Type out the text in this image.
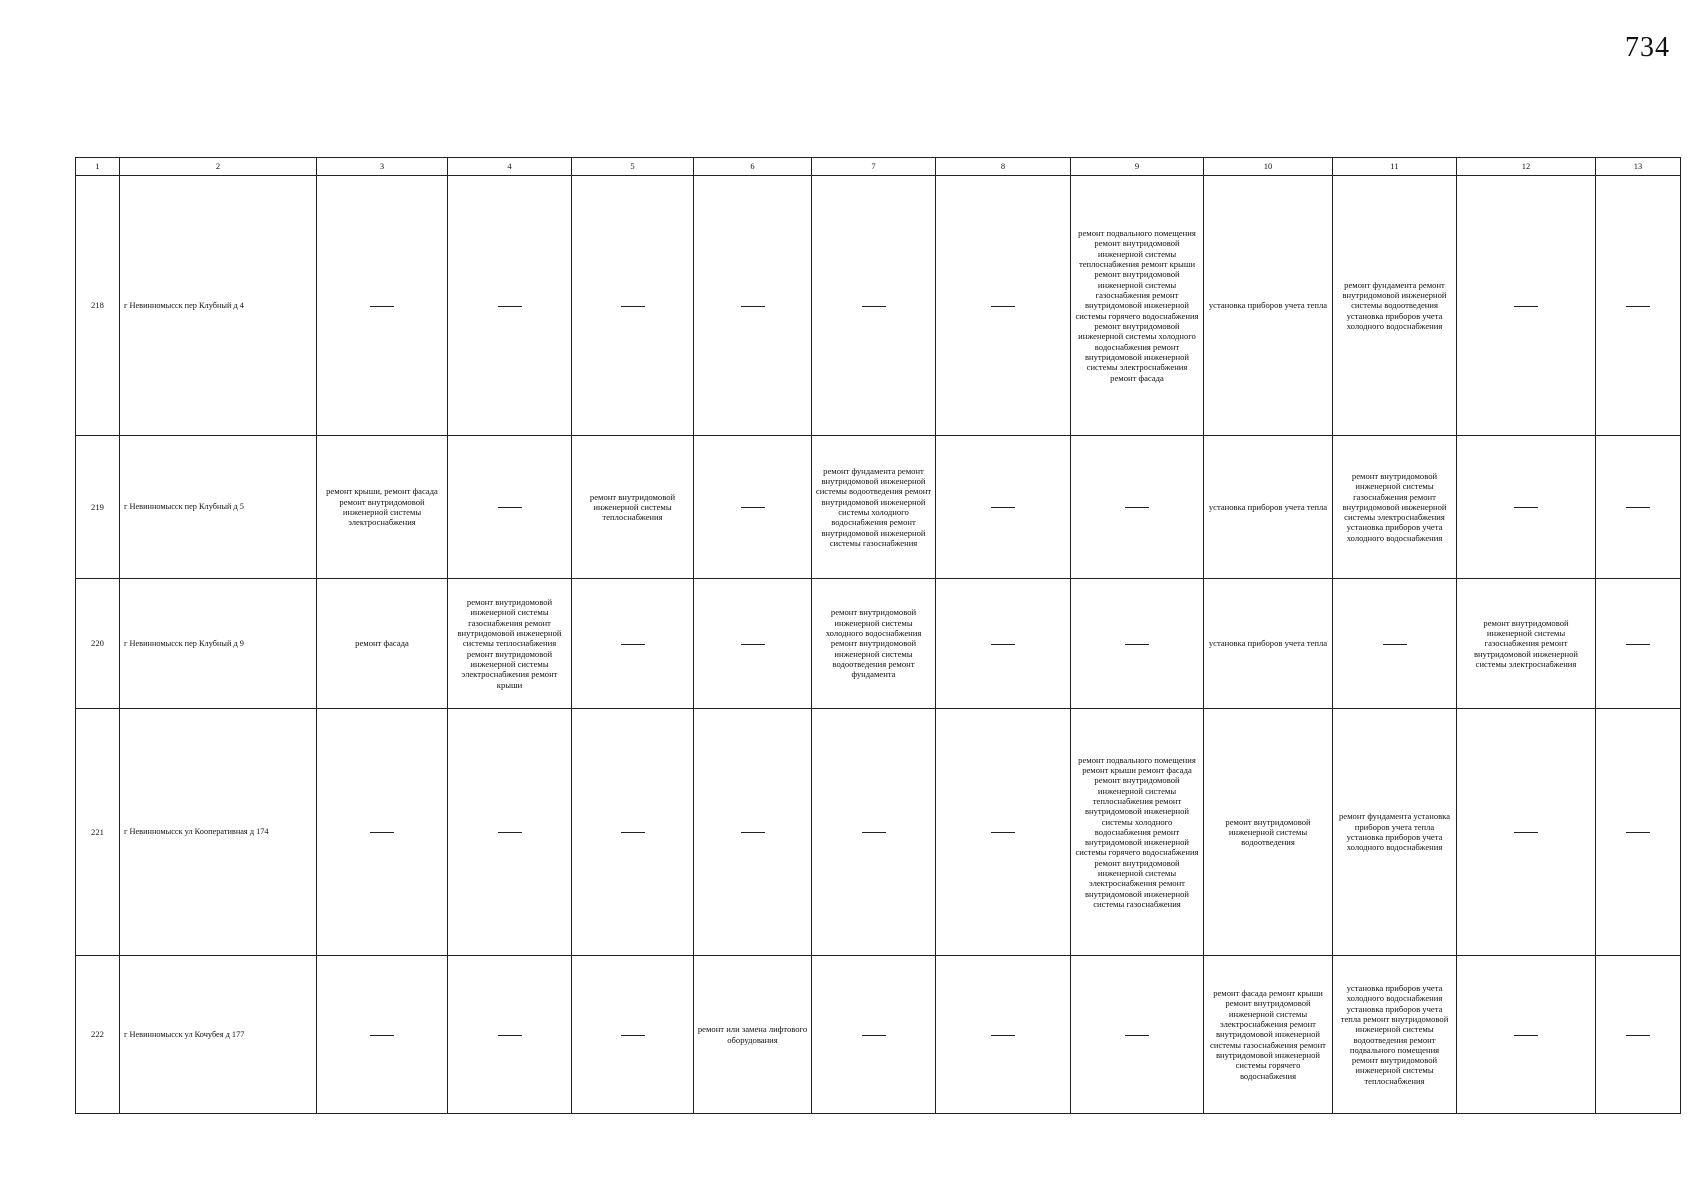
734
1	2	3	4	5	6	7	8	9	10	11	12	13
218	г Невинномысск пер Клубный д 4							ремонт подвального помещения ремонт внутридомовой инженерной системы теплоснабжения ремонт крыши ремонт внутридомовой инженерной системы газоснабжения ремонт внутридомовой инженерной системы горячего водоснабжения ремонт внутридомовой инженерной системы холодного водоснабжения ремонт внутридомовой инженерной системы электроснабжения ремонт фасада	установка приборов учета тепла	ремонт фундамента ремонт внутридомовой инженерной системы водоотведения установка приборов учета холодного водоснабжения		
219	г Невинномысск пер Клубный д 5	ремонт крыши, ремонт фасада ремонт внутридомовой инженерной системы электроснабжения		ремонт внутридомовой инженерной системы теплоснабжения		ремонт фундамента ремонт внутридомовой инженерной системы водоотведения ремонт внутридомовой инженерной системы холодного водоснабжения ремонт внутридомовой инженерной системы газоснабжения			установка приборов учета тепла	ремонт внутридомовой инженерной системы газоснабжения ремонт внутридомовой инженерной системы электроснабжения установка приборов учета холодного водоснабжения		
220	г Невинномысск пер Клубный д 9	ремонт фасада	ремонт внутридомовой инженерной системы газоснабжения ремонт внутридомовой инженерной системы теплоснабжения ремонт внутридомовой инженерной системы электроснабжения ремонт крыши			ремонт внутридомовой инженерной системы холодного водоснабжения ремонт внутридомовой инженерной системы водоотведения ремонт фундамента			установка приборов учета тепла		ремонт внутридомовой инженерной системы газоснабжения ремонт внутридомовой инженерной системы электроснабжения	
221	г Невинномысск ул Кооперативная д 174							ремонт подвального помещения ремонт крыши ремонт фасада ремонт внутридомовой инженерной системы теплоснабжения ремонт внутридомовой инженерной системы холодного водоснабжения ремонт внутридомовой инженерной системы горячего водоснабжения ремонт внутридомовой инженерной системы электроснабжения ремонт внутридомовой инженерной системы газоснабжения	ремонт внутридомовой инженерной системы водоотведения	ремонт фундамента установка приборов учета тепла установка приборов учета холодного водоснабжения		
222	г Невинномысск ул Кочубея д 177				ремонт или замена лифтового оборудования				ремонт фасада ремонт крыши ремонт внутридомовой инженерной системы электроснабжения ремонт внутридомовой инженерной системы газоснабжения ремонт внутридомовой инженерной системы горячего водоснабжения	установка приборов учета холодного водоснабжения установка приборов учета тепла ремонт внутридомовой инженерной системы водоотведения ремонт подвального помещения ремонт внутридомовой инженерной системы теплоснабжения		
